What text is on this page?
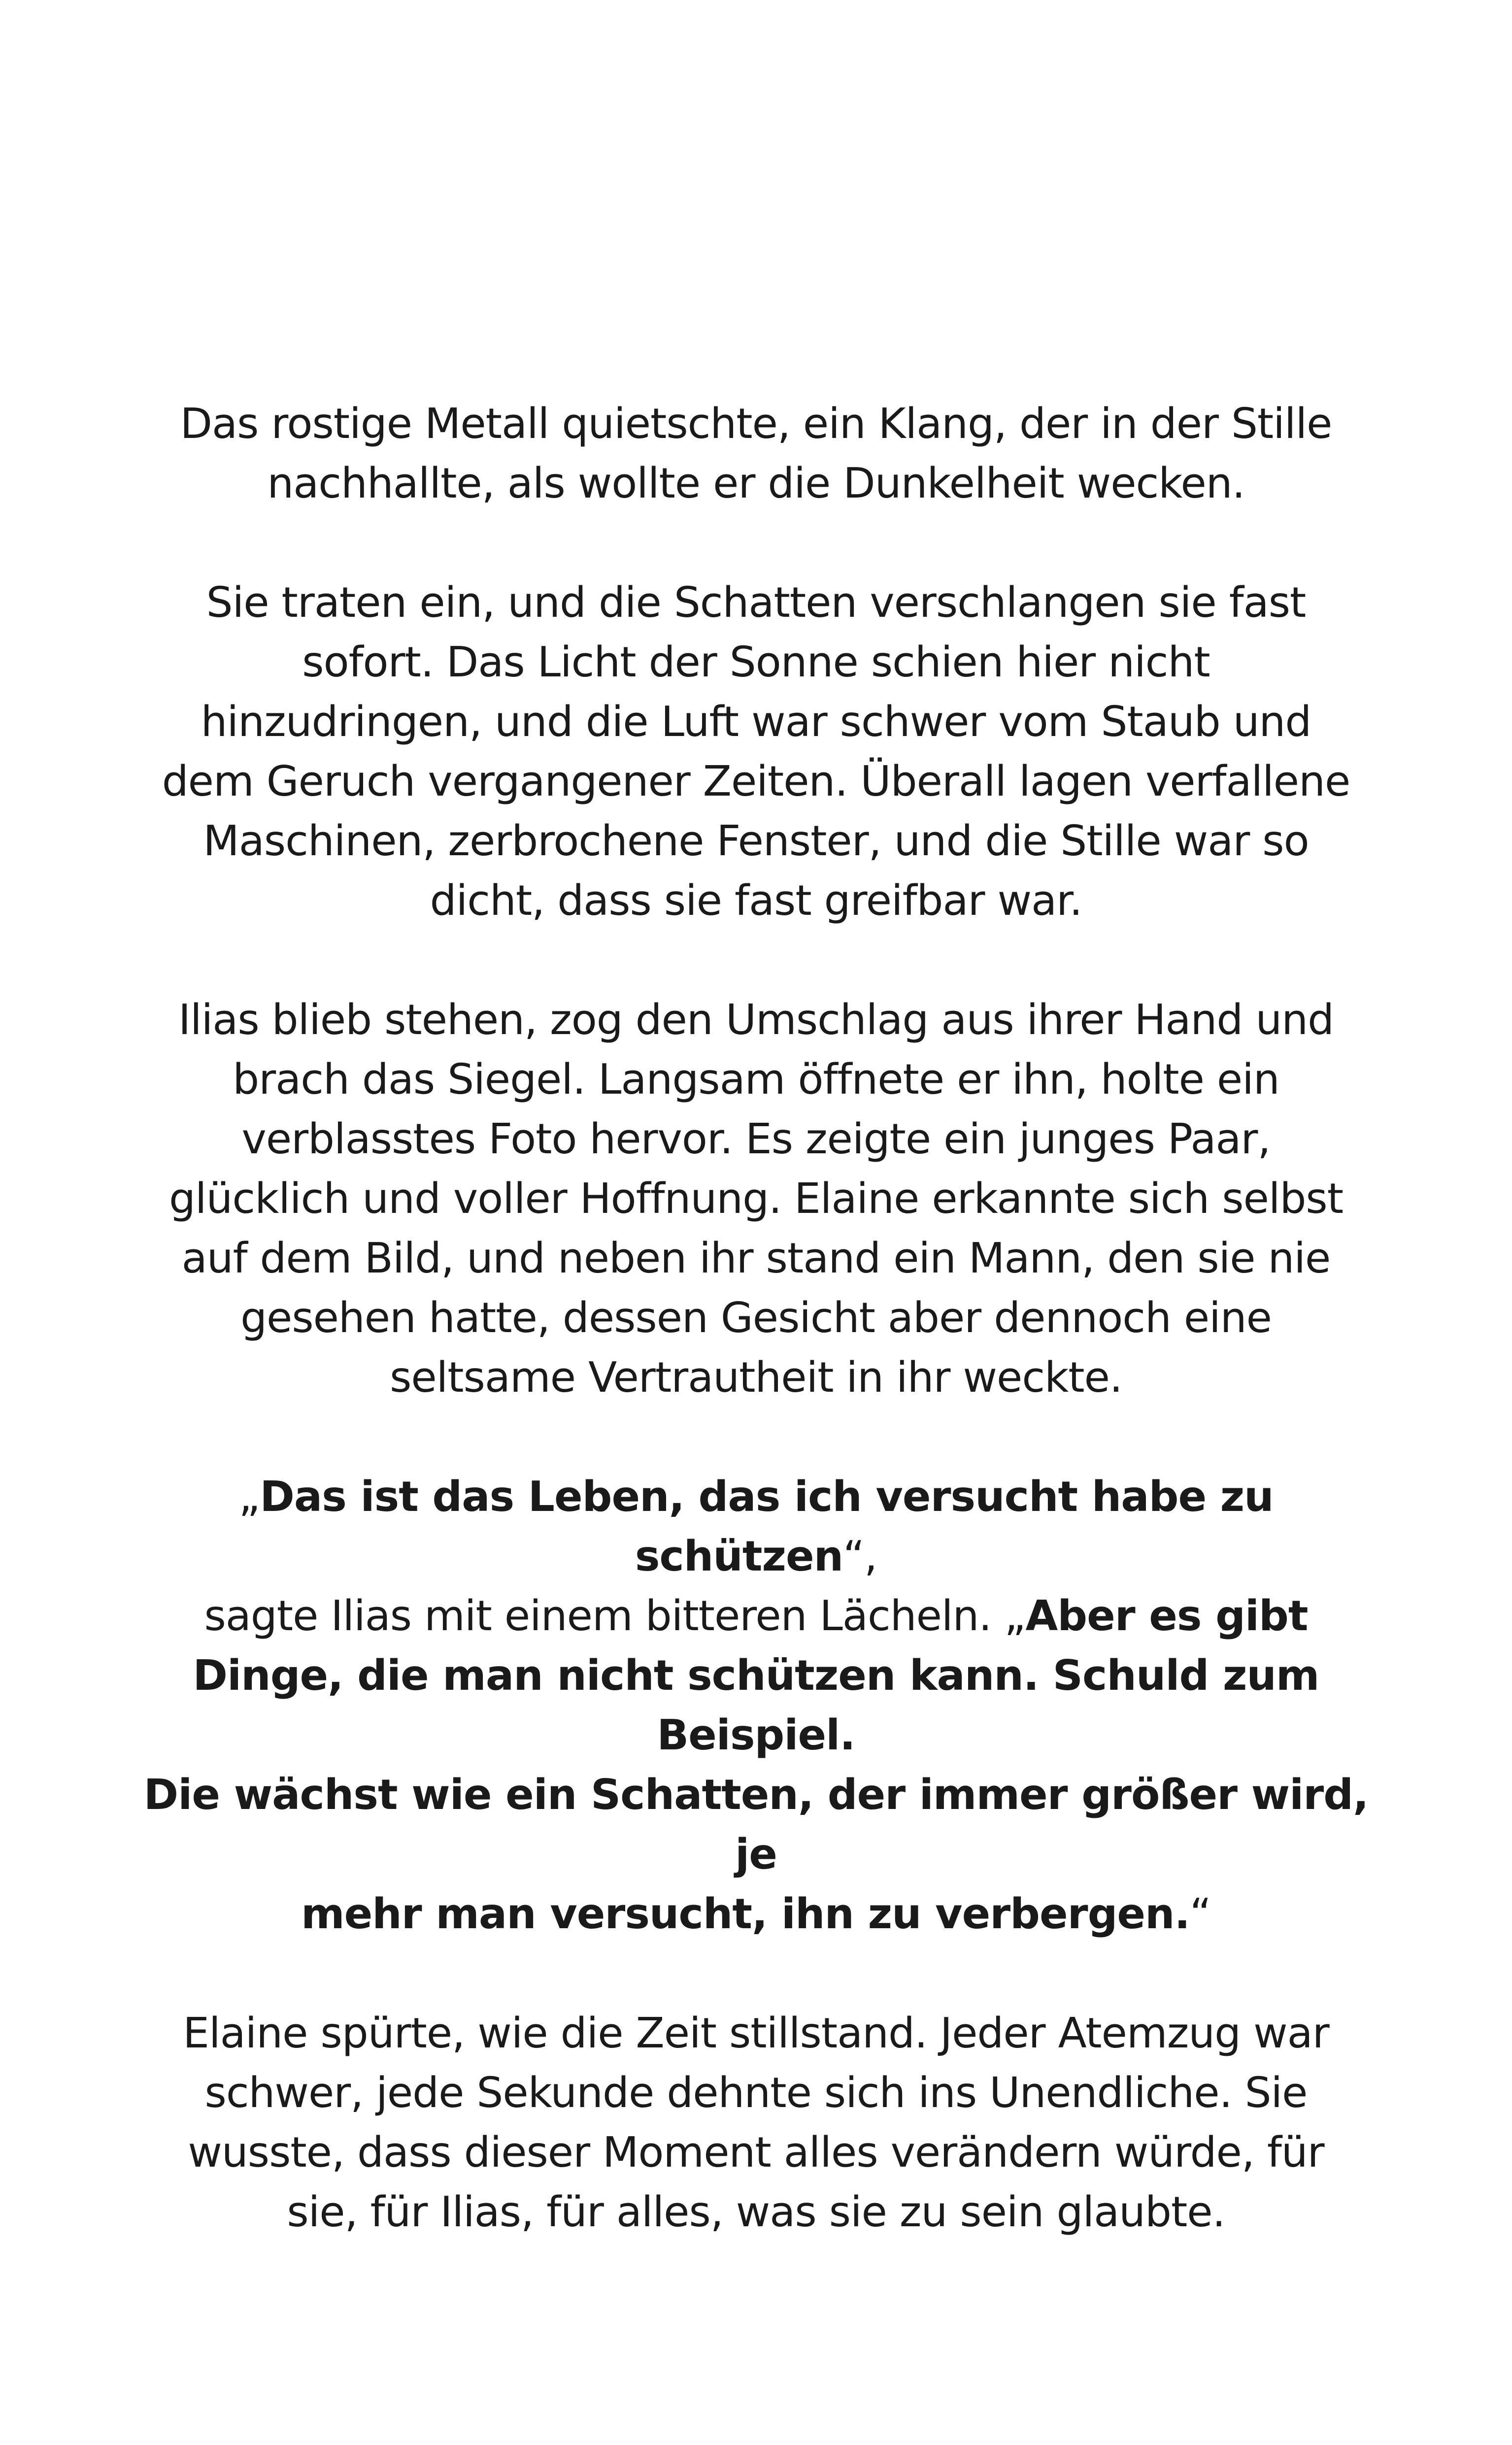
Das rostige Metall quietschte, ein Klang, der in der Stille
nachhallte, als wollte er die Dunkelheit wecken.

Sie traten ein, und die Schatten verschlangen sie fast
sofort. Das Licht der Sonne schien hier nicht
hinzudringen, und die Luft war schwer vom Staub und
dem Geruch vergangener Zeiten. Überall lagen verfallene
Maschinen, zerbrochene Fenster, und die Stille war so
dicht, dass sie fast greifbar war.

Ilias blieb stehen, zog den Umschlag aus ihrer Hand und
brach das Siegel. Langsam öffnete er ihn, holte ein
verblasstes Foto hervor. Es zeigte ein junges Paar,
glücklich und voller Hoffnung. Elaine erkannte sich selbst
auf dem Bild, und neben ihr stand ein Mann, den sie nie
gesehen hatte, dessen Gesicht aber dennoch eine
seltsame Vertrautheit in ihr weckte.

„Das ist das Leben, das ich versucht habe zu schützen“,
sagte Ilias mit einem bitteren Lächeln. „Aber es gibt
Dinge, die man nicht schützen kann. Schuld zum Beispiel.
Die wächst wie ein Schatten, der immer größer wird, je
mehr man versucht, ihn zu verbergen.“

Elaine spürte, wie die Zeit stillstand. Jeder Atemzug war
schwer, jede Sekunde dehnte sich ins Unendliche. Sie
wusste, dass dieser Moment alles verändern würde, für
sie, für Ilias, für alles, was sie zu sein glaubte.
